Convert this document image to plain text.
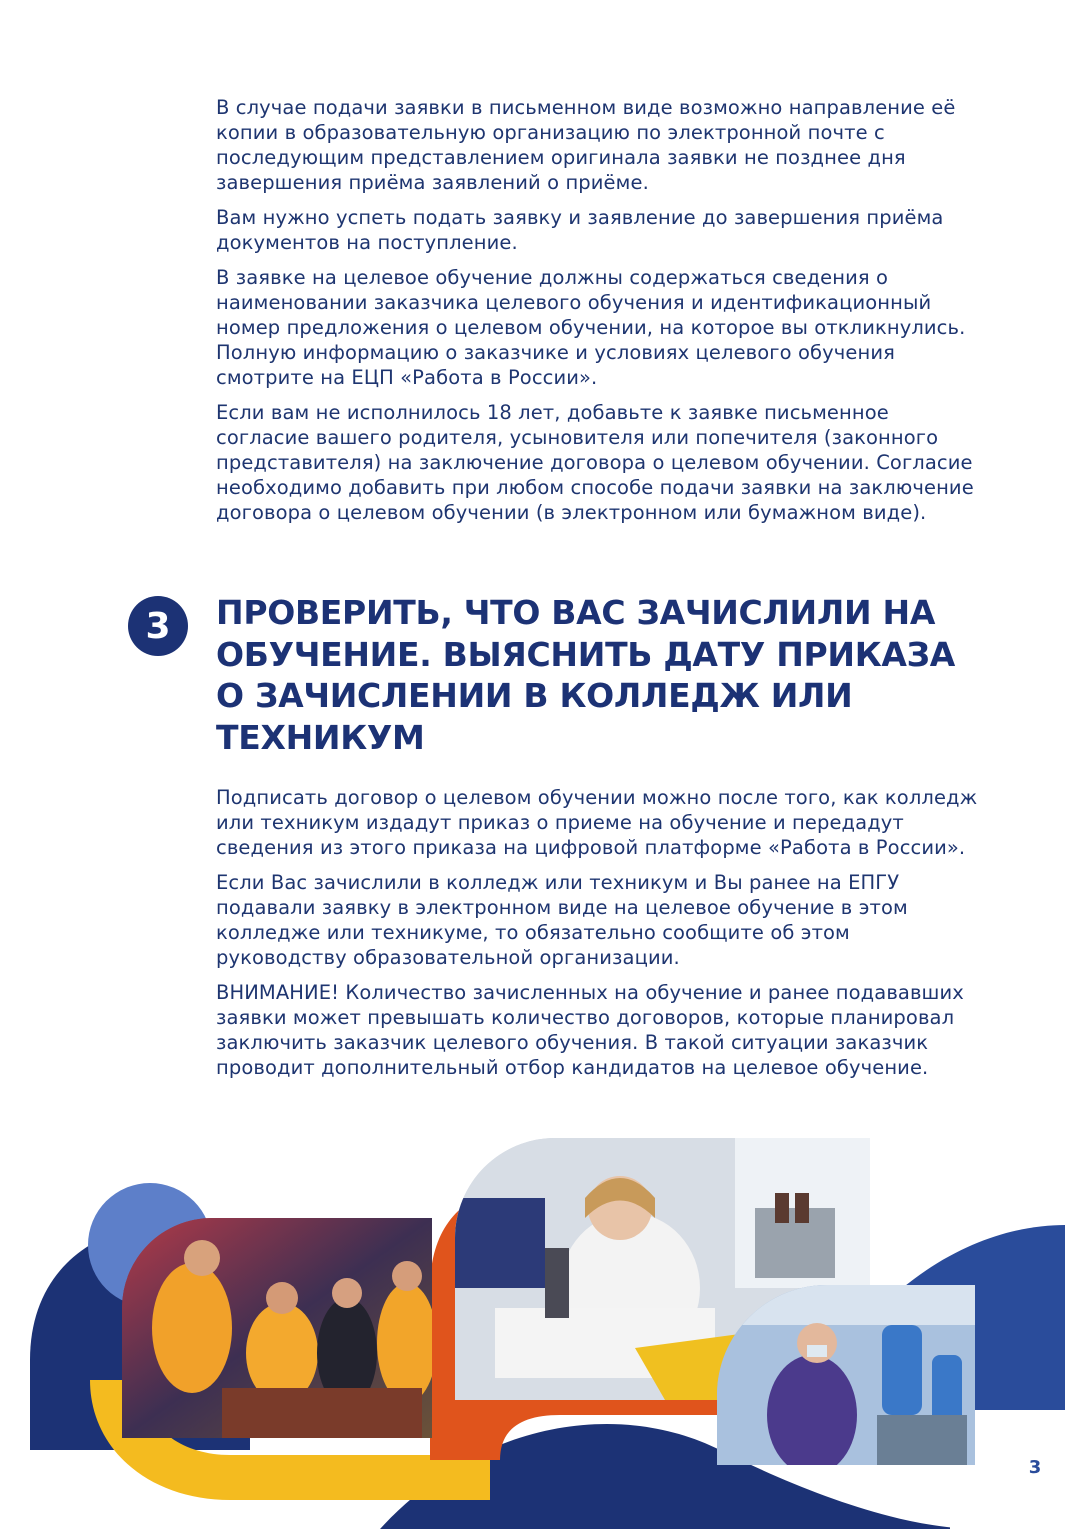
В случае подачи заявки в письменном виде возможно направление её копии в образовательную организацию по электронной почте с последующим представлением оригинала заявки не позднее дня завершения приёма заявлений о приёме.

Вам нужно успеть подать заявку и заявление до завершения приёма документов на поступление.

В заявке на целевое обучение должны содержаться сведения о наименовании заказчика целевого обучения и идентификационный номер предложения о целевом обучении, на которое вы откликнулись. Полную информацию о заказчике и условиях целевого обучения смотрите на ЕЦП «Работа в России».

Если вам не исполнилось 18 лет, добавьте к заявке письменное согласие вашего родителя, усыновителя или попечителя (законного представителя) на заключение договора о целевом обучении. Согласие необходимо добавить при любом способе подачи заявки на заключение договора о целевом обучении (в электронном или бумажном виде).

3	ПРОВЕРИТЬ, ЧТО ВАС ЗАЧИСЛИЛИ НА ОБУЧЕНИЕ. ВЫЯСНИТЬ ДАТУ ПРИКАЗА О ЗАЧИСЛЕНИИ В КОЛЛЕДЖ ИЛИ ТЕХНИКУМ

Подписать договор о целевом обучении можно после того, как колледж или техникум издадут приказ о приеме на обучение и передадут сведения из этого приказа на цифровой платформе «Работа в России».

Если Вас зачислили в колледж или техникум и Вы ранее на ЕПГУ подавали заявку в электронном виде на целевое обучение в этом колледже или техникуме, то обязательно сообщите об этом руководству образовательной организации.

ВНИМАНИЕ! Количество зачисленных на обучение и ранее подававших заявки может превышать количество договоров, которые планировал заключить заказчик целевого обучения. В такой ситуации заказчик проводит дополнительный отбор кандидатов на целевое обучение.

3
